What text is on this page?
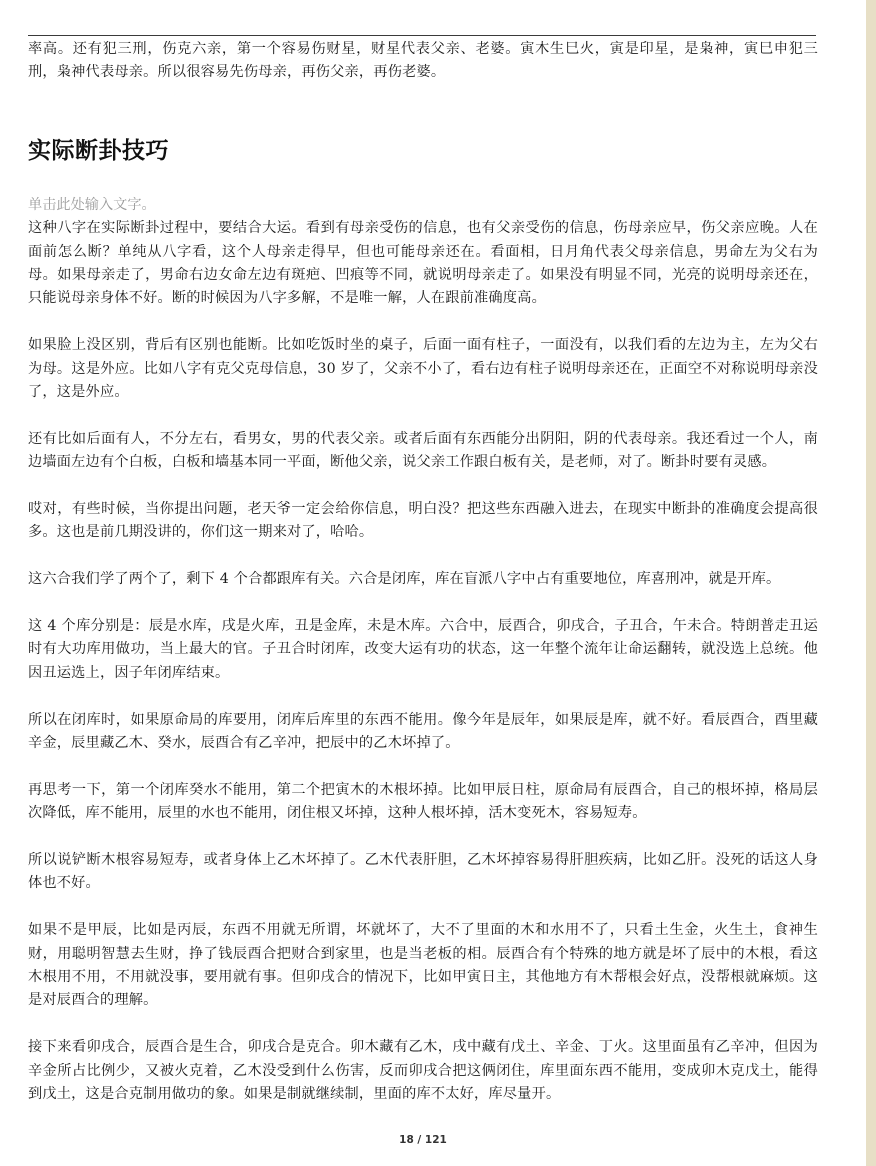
率高。还有犯三刑，伤克六亲，第一个容易伤财星，财星代表父亲、老婆。寅木生巳火，寅是印星，是枭神，寅巳申犯三刑，枭神代表母亲。所以很容易先伤母亲，再伤父亲，再伤老婆。

实际断卦技巧
单击此处输入文字。

这种八字在实际断卦过程中，要结合大运。看到有母亲受伤的信息，也有父亲受伤的信息，伤母亲应早，伤父亲应晚。人在面前怎么断？单纯从八字看，这个人母亲走得早，但也可能母亲还在。看面相，日月角代表父母亲信息，男命左为父右为母。如果母亲走了，男命右边女命左边有斑疤、凹痕等不同，就说明母亲走了。如果没有明显不同，光亮的说明母亲还在，只能说母亲身体不好。断的时候因为八字多解，不是唯一解，人在跟前准确度高。

如果脸上没区别，背后有区别也能断。比如吃饭时坐的桌子，后面一面有柱子，一面没有，以我们看的左边为主，左为父右为母。这是外应。比如八字有克父克母信息，30 岁了，父亲不小了，看右边有柱子说明母亲还在，正面空不对称说明母亲没了，这是外应。

还有比如后面有人，不分左右，看男女，男的代表父亲。或者后面有东西能分出阴阳，阴的代表母亲。我还看过一个人，南边墙面左边有个白板，白板和墙基本同一平面，断他父亲，说父亲工作跟白板有关，是老师，对了。断卦时要有灵感。

哎对，有些时候，当你提出问题，老天爷一定会给你信息，明白没？把这些东西融入进去，在现实中断卦的准确度会提高很多。这也是前几期没讲的，你们这一期来对了，哈哈。

这六合我们学了两个了，剩下 4 个合都跟库有关。六合是闭库，库在盲派八字中占有重要地位，库喜刑冲，就是开库。

这 4 个库分别是：辰是水库，戌是火库，丑是金库，未是木库。六合中，辰酉合，卯戌合，子丑合，午未合。特朗普走丑运时有大功库用做功，当上最大的官。子丑合时闭库，改变大运有功的状态，这一年整个流年让命运翻转，就没选上总统。他因丑运选上，因子年闭库结束。

所以在闭库时，如果原命局的库要用，闭库后库里的东西不能用。像今年是辰年，如果辰是库，就不好。看辰酉合，酉里藏辛金，辰里藏乙木、癸水，辰酉合有乙辛冲，把辰中的乙木坏掉了。

再思考一下，第一个闭库癸水不能用，第二个把寅木的木根坏掉。比如甲辰日柱，原命局有辰酉合，自己的根坏掉，格局层次降低，库不能用，辰里的水也不能用，闭住根又坏掉，这种人根坏掉，活木变死木，容易短寿。

所以说铲断木根容易短寿，或者身体上乙木坏掉了。乙木代表肝胆，乙木坏掉容易得肝胆疾病，比如乙肝。没死的话这人身体也不好。

如果不是甲辰，比如是丙辰，东西不用就无所谓，坏就坏了，大不了里面的木和水用不了，只看土生金，火生土，食神生财，用聪明智慧去生财，挣了钱辰酉合把财合到家里，也是当老板的相。辰酉合有个特殊的地方就是坏了辰中的木根，看这木根用不用，不用就没事，要用就有事。但卯戌合的情况下，比如甲寅日主，其他地方有木帮根会好点，没帮根就麻烦。这是对辰酉合的理解。

接下来看卯戌合，辰酉合是生合，卯戌合是克合。卯木藏有乙木，戌中藏有戊土、辛金、丁火。这里面虽有乙辛冲，但因为辛金所占比例少，又被火克着，乙木没受到什么伤害，反而卯戌合把这俩闭住，库里面东西不能用，变成卯木克戊土，能得到戊土，这是合克制用做功的象。如果是制就继续制，里面的库不太好，库尽量开。

18 / 121
